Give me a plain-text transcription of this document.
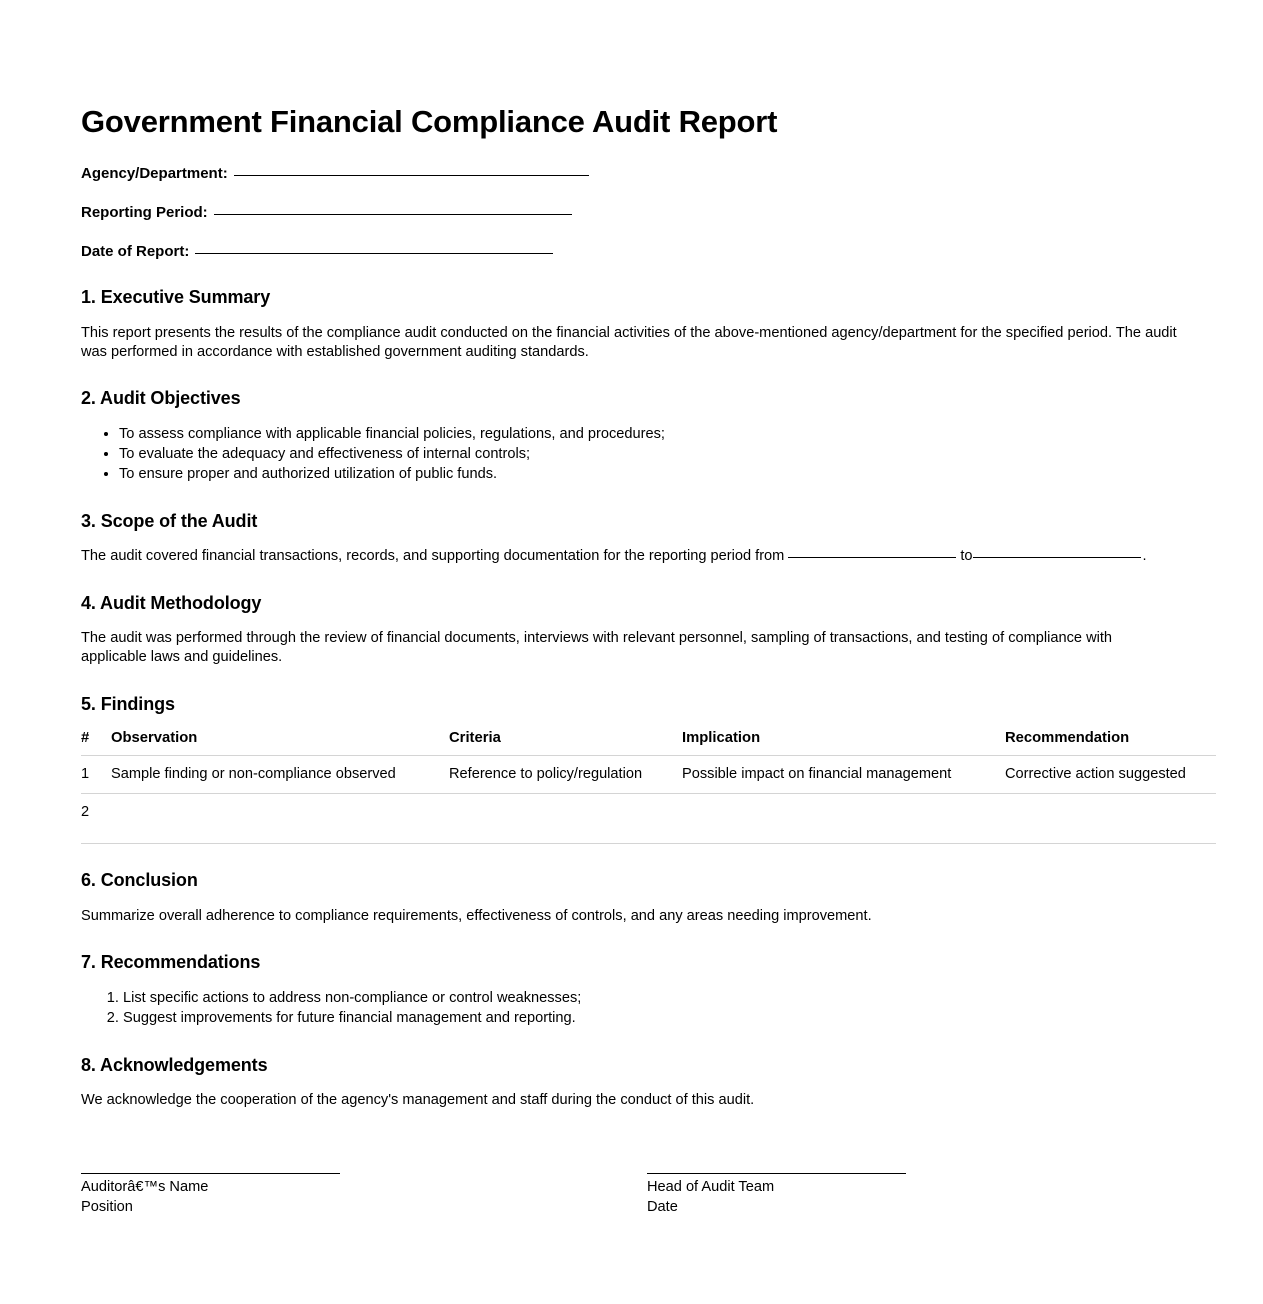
Government Financial Compliance Audit Report
Agency/Department:
Reporting Period:
Date of Report:
1. Executive Summary

This report presents the results of the compliance audit conducted on the financial activities of the above-mentioned agency/department for the specified period. The audit was performed in accordance with established government auditing standards.

2. Audit Objectives
• To assess compliance with applicable financial policies, regulations, and procedures;
• To evaluate the adequacy and effectiveness of internal controls;
• To ensure proper and authorized utilization of public funds.
3. Scope of the Audit

The audit covered financial transactions, records, and supporting documentation for the reporting period from	to	.

4. Audit Methodology

The audit was performed through the review of financial documents, interviews with relevant personnel, sampling of transactions, and testing of compliance with applicable laws and guidelines.

5. Findings
#	Observation	Criteria	Implication	Recommendation
1	Sample finding or non-compliance observed	Reference to policy/regulation	Possible impact on financial management	Corrective action suggested
2				
6. Conclusion

Summarize overall adherence to compliance requirements, effectiveness of controls, and any areas needing improvement.

7. Recommendations
1. List specific actions to address non-compliance or control weaknesses;
2. Suggest improvements for future financial management and reporting.
8. Acknowledgements

We acknowledge the cooperation of the agency's management and staff during the conduct of this audit.

Auditorâ€™s Name
Position
Head of Audit Team
Date
